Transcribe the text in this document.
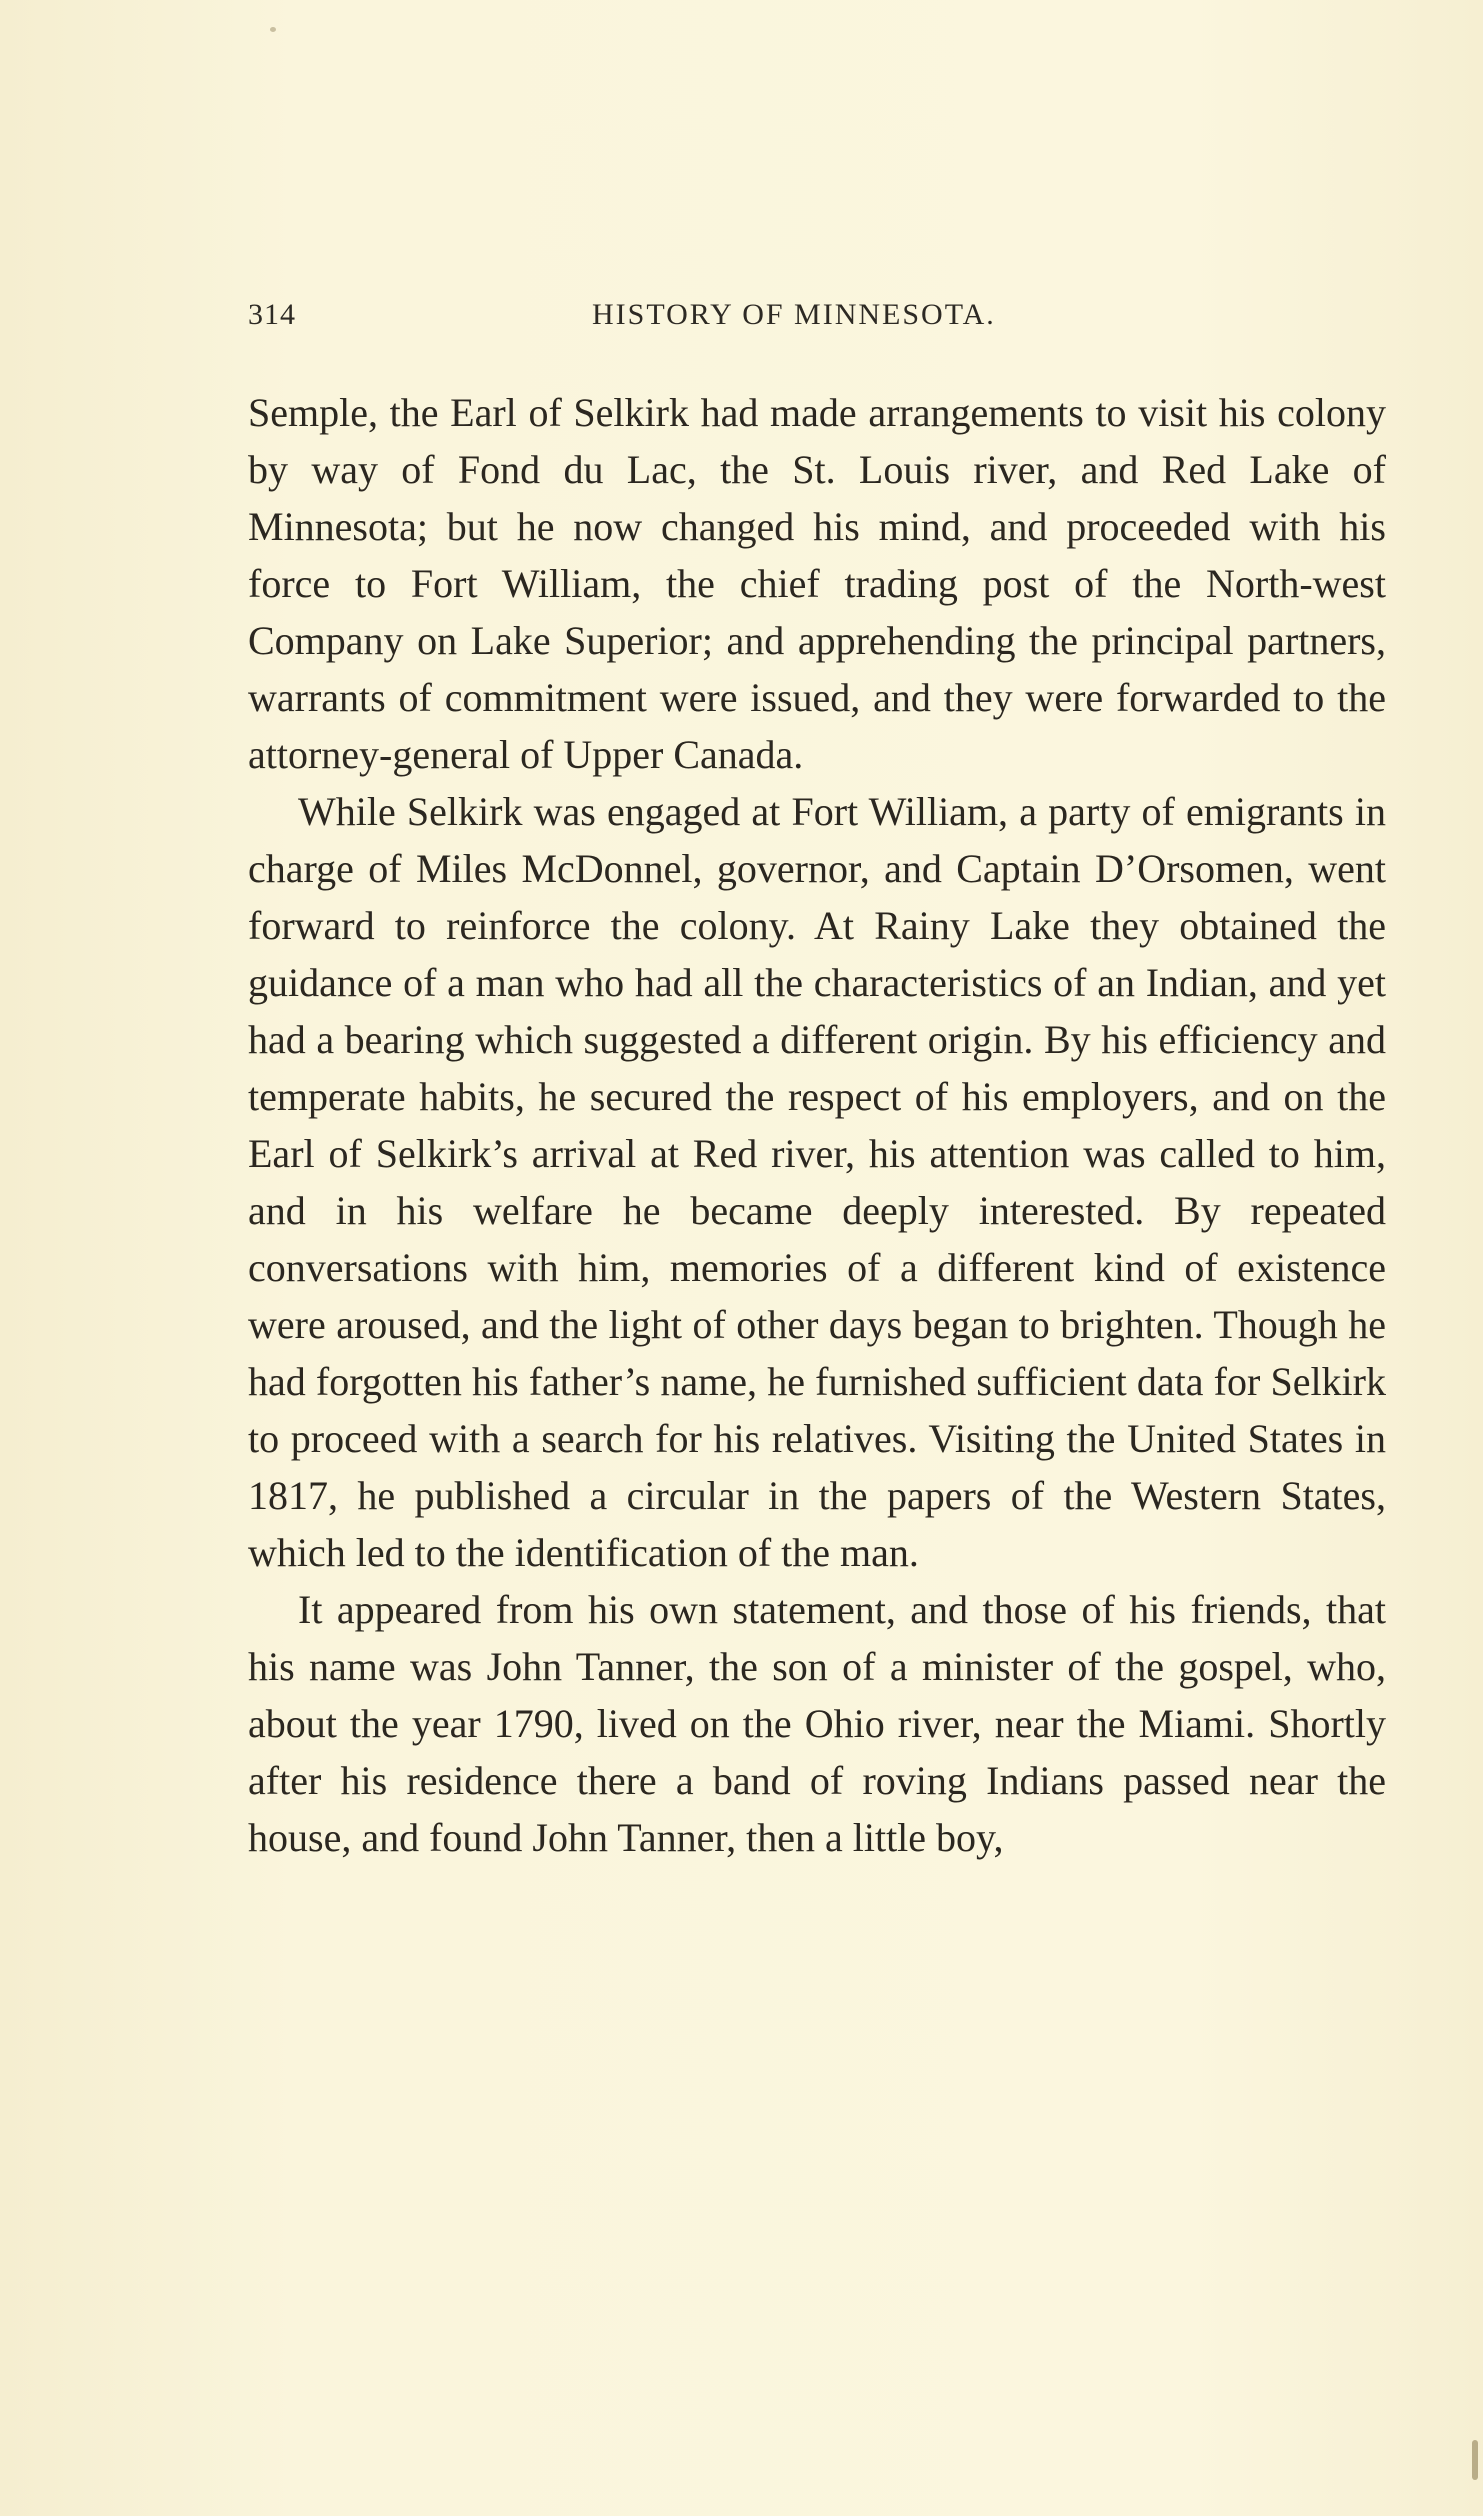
314	HISTORY OF MINNESOTA.

Semple, the Earl of Selkirk had made arrangements to visit his colony by way of Fond du Lac, the St. Louis river, and Red Lake of Minnesota; but he now changed his mind, and proceeded with his force to Fort William, the chief trading post of the North-west Company on Lake Superior; and apprehending the principal partners, warrants of commitment were issued, and they were forwarded to the attorney-general of Upper Canada.

While Selkirk was engaged at Fort William, a party of emigrants in charge of Miles McDonnel, governor, and Captain D’Orsomen, went forward to reinforce the colony. At Rainy Lake they obtained the guidance of a man who had all the characteristics of an Indian, and yet had a bearing which suggested a different origin. By his efficiency and temperate habits, he secured the respect of his employers, and on the Earl of Selkirk’s arrival at Red river, his attention was called to him, and in his welfare he became deeply interested. By repeated conversations with him, memories of a different kind of existence were aroused, and the light of other days began to brighten. Though he had forgotten his father’s name, he furnished sufficient data for Selkirk to proceed with a search for his relatives. Visiting the United States in 1817, he published a circular in the papers of the Western States, which led to the identification of the man.

It appeared from his own statement, and those of his friends, that his name was John Tanner, the son of a minister of the gospel, who, about the year 1790, lived on the Ohio river, near the Miami. Shortly after his residence there a band of roving Indians passed near the house, and found John Tanner, then a little boy,
